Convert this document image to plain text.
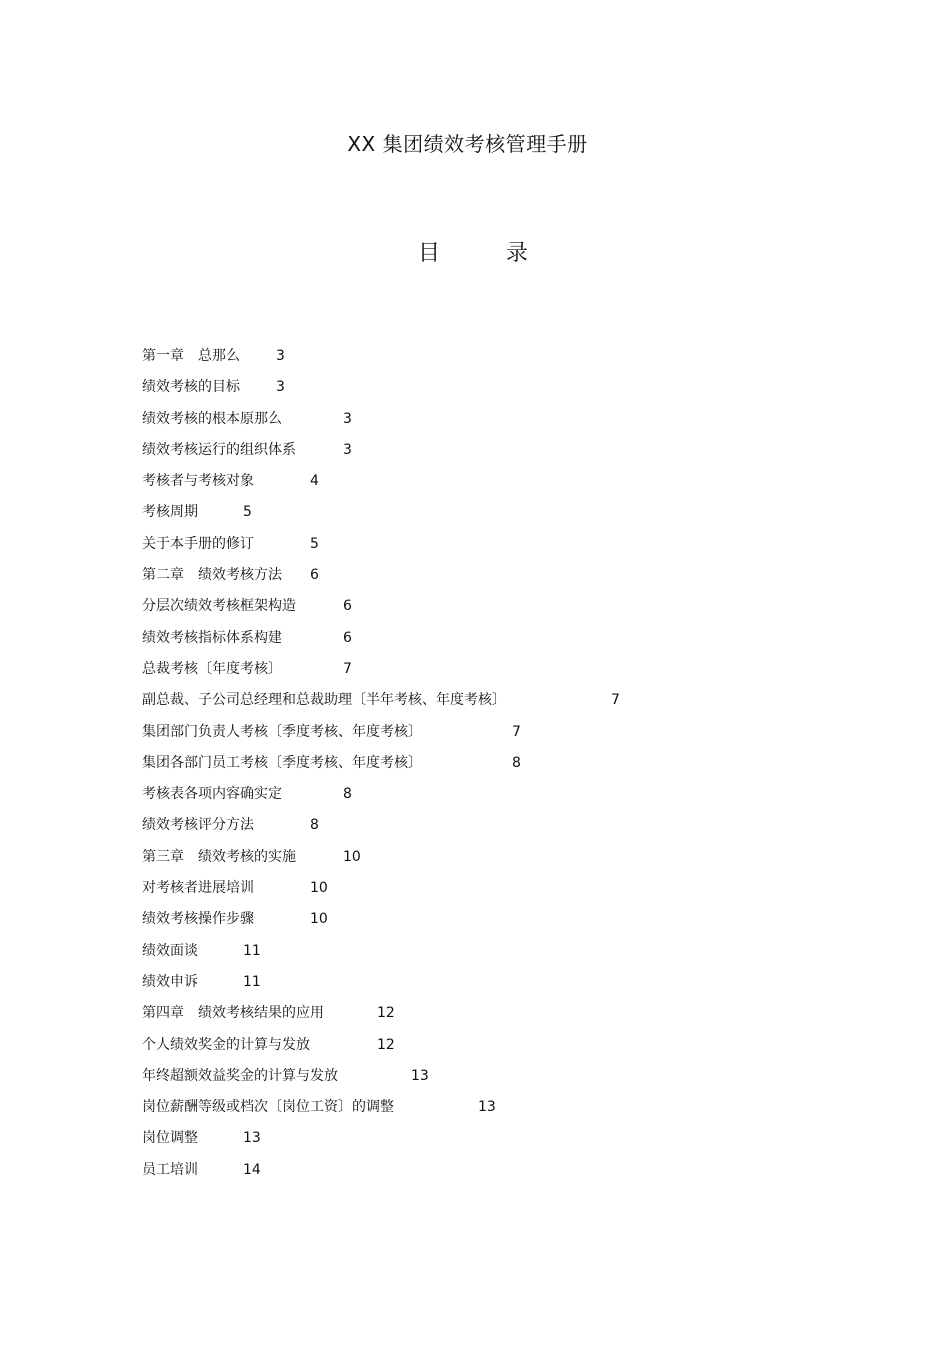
XX 集团绩效考核管理手册
目	录
第一章　总那么	3
绩效考核的目标	3
绩效考核的根本原那么	3
绩效考核运行的组织体系	3
考核者与考核对象	4
考核周期	5
关于本手册的修订	5
第二章　绩效考核方法 6
分层次绩效考核框架构造	6
绩效考核指标体系构建	6
总裁考核〔年度考核〕	7
副总裁、子公司总经理和总裁助理〔半年考核、年度考核〕	7
集团部门负责人考核〔季度考核、年度考核〕	7
集团各部门员工考核〔季度考核、年度考核〕	8
考核表各项内容确实定	8
绩效考核评分方法	8
第三章　绩效考核的实施	10
对考核者进展培训	10
绩效考核操作步骤	10
绩效面谈	11
绩效申诉	11
第四章　绩效考核结果的应用	12
个人绩效奖金的计算与发放	12
年终超额效益奖金的计算与发放	13
岗位薪酬等级或档次〔岗位工资〕的调整	13
岗位调整	13
员工培训	14
